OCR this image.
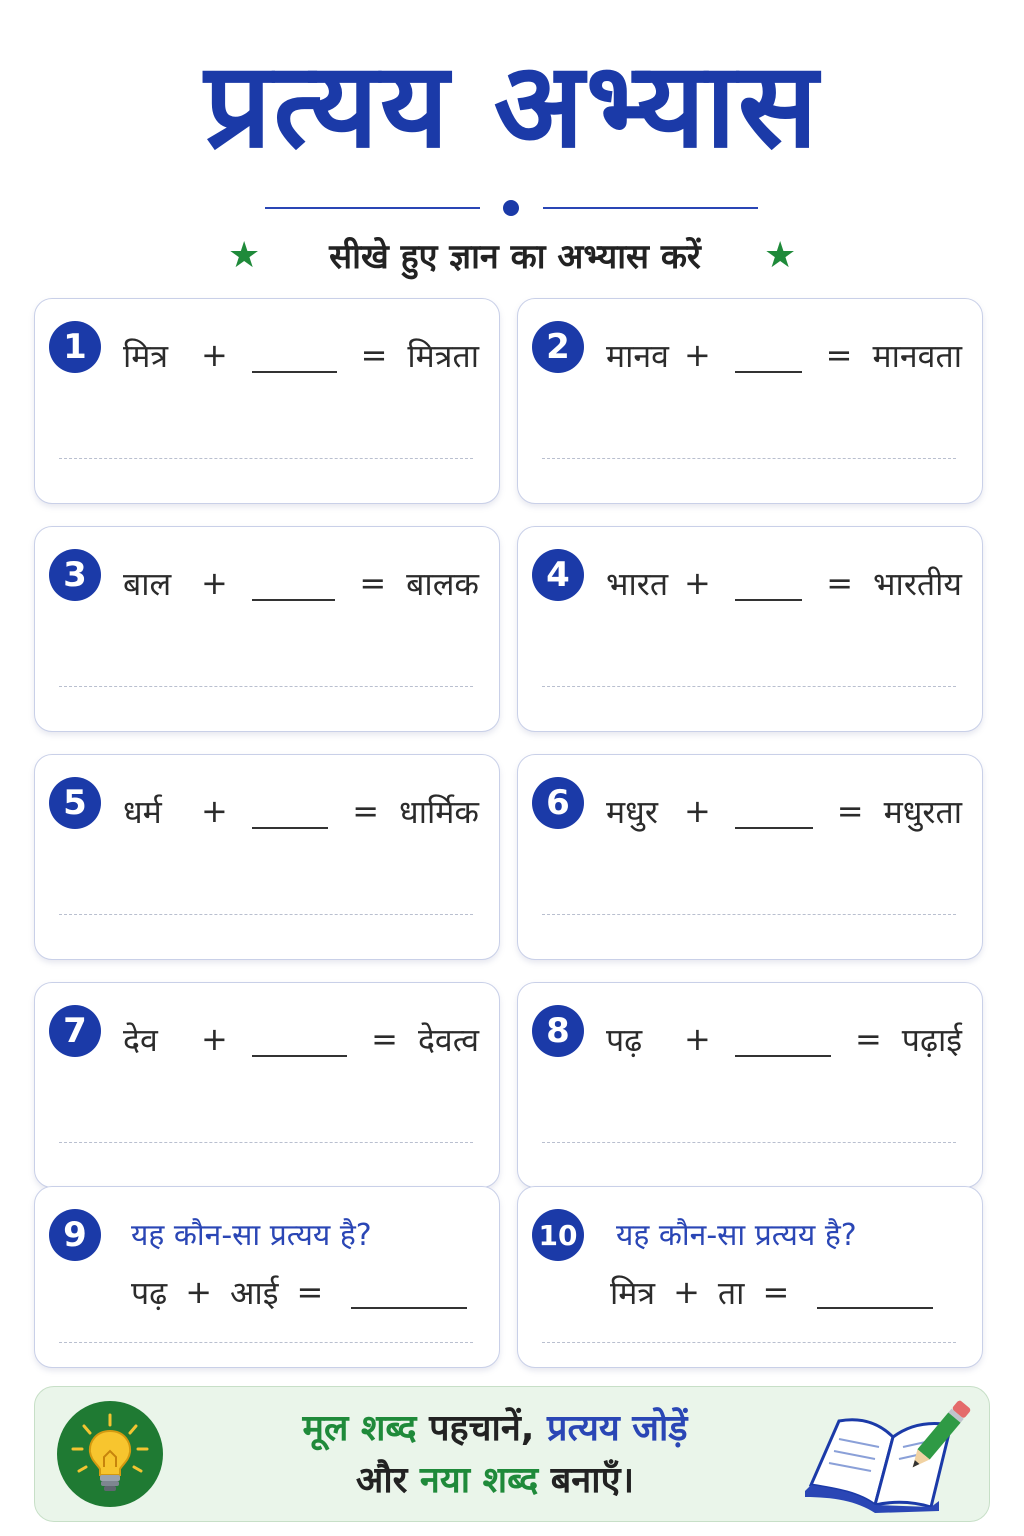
प्रत्यय अभ्यास
★	सीखे हुए ज्ञान का अभ्यास करें	★
1	मित्र	+	= मित्रता	2	मानव +	= मानवता
3	बाल +	= बालक	4	भारत +	= भारतीय
5	धर्म	+	= धार्मिक	6	मधुर +	= मधुरता
7	देव	+	= देवत्व	8	पढ़	+	= पढ़ाई
9	यह कौन-सा प्रत्यय है?
पढ़ + आई =
10 यह कौन-सा प्रत्यय है?
मित्र + ता =
मूल शब्द पहचानें, प्रत्यय जोड़ें
और नया शब्द बनाएँ।
